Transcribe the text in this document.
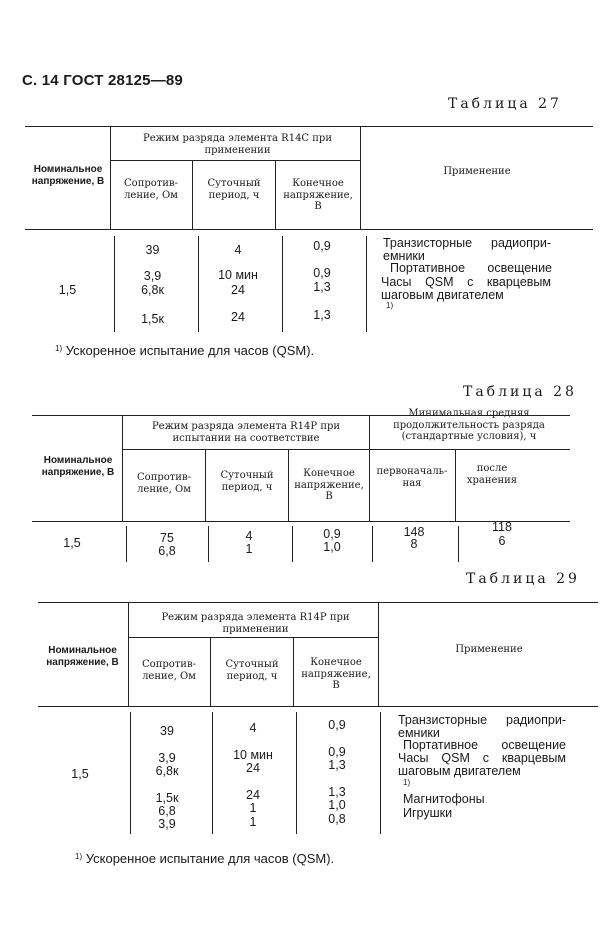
С. 14 ГОСТ 28125—89
Таблица 27
Номинальное напряжение, В
Режим разряда элемента R14C при применении
Сопротив- ление, Ом
Суточный период, ч
Конечное напряжение, В
Применение
1,5
39	4	0,9
3,9	10 мин	0,9
6,8к	24	1,3
1,5к	24	1,3
Транзисторные радиопри-
емники
Портативное освещение
Часы QSM с кварцевым
шаговым двигателем
1)
$^{1)}$ Ускоренное испытание для часов (QSM).
Таблица 28
Номинальное напряжение, В
Режим разряда элемента R14P при испытании на соответствие
Минимальная средняя продолжительность разряда (стандартные условия), ч
Сопротив- ление, Ом
Суточный период, ч
Конечное напряжение, В
первоначаль- ная
после хранения
1,5	75	4	0,9	148	118
6,8	1	1,0	8	6
Таблица 29
Номинальное напряжение, В
Режим разряда элемента R14P при применении
Сопротив- ление, Ом
Суточный период, ч
Конечное напряжение, В
Применение
1,5
39	4	0,9
3,9	10 мин	0,9
6,8к	24	1,3
1,5к	24	1,3
6,8	1	1,0
3,9	1	0,8
Транзисторные радиопри-
емники
Портативное освещение
Часы QSM с кварцевым
шаговым двигателем
1)
Магнитофоны
Игрушки
$^{1)}$ Ускоренное испытание для часов (QSM).
